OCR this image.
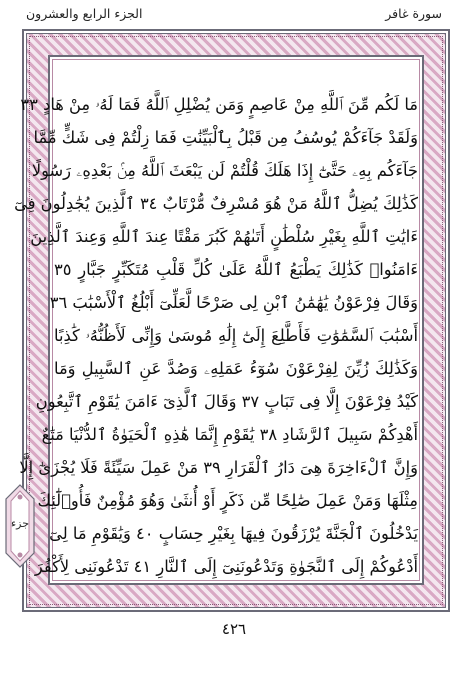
سورة غافر
الجزء الرابع والعشرون
مَا لَكُم مِّنَ ٱللَّهِ مِنْ عَاصِمٍ وَمَن يُضْلِلِ ٱللَّهُ فَمَا لَهُۥ مِنْ هَادٍ ٣٣
وَلَقَدْ جَآءَكُمْ يُوسُفُ مِن قَبْلُ بِٱلْبَيِّنَٰتِ فَمَا زِلْتُمْ فِى شَكٍّ مِّمَّا
جَآءَكُم بِهِۦ حَتَّىٰٓ إِذَا هَلَكَ قُلْتُمْ لَن يَبْعَثَ ٱللَّهُ مِنۢ بَعْدِهِۦ رَسُولًا
كَذَٰلِكَ يُضِلُّ ٱللَّهُ مَنْ هُوَ مُسْرِفٌ مُّرْتَابٌ ٣٤ ٱلَّذِينَ يُجَٰدِلُونَ فِىٓ
ءَايَٰتِ ٱللَّهِ بِغَيْرِ سُلْطَٰنٍ أَتَىٰهُمْ كَبُرَ مَقْتًا عِندَ ٱللَّهِ وَعِندَ ٱلَّذِينَ
ءَامَنُوا۟ كَذَٰلِكَ يَطْبَعُ ٱللَّهُ عَلَىٰ كُلِّ قَلْبِ مُتَكَبِّرٍ جَبَّارٍ ٣٥
وَقَالَ فِرْعَوْنُ يَٰهَٰمَٰنُ ٱبْنِ لِى صَرْحًا لَّعَلِّىٓ أَبْلُغُ ٱلْأَسْبَٰبَ ٣٦
أَسْبَٰبَ ٱلسَّمَٰوَٰتِ فَأَطَّلِعَ إِلَىٰٓ إِلَٰهِ مُوسَىٰ وَإِنِّى لَأَظُنُّهُۥ كَٰذِبًا
وَكَذَٰلِكَ زُيِّنَ لِفِرْعَوْنَ سُوٓءُ عَمَلِهِۦ وَصُدَّ عَنِ ٱلسَّبِيلِ وَمَا
كَيْدُ فِرْعَوْنَ إِلَّا فِى تَبَابٍ ٣٧ وَقَالَ ٱلَّذِىٓ ءَامَنَ يَٰقَوْمِ ٱتَّبِعُونِ
أَهْدِكُمْ سَبِيلَ ٱلرَّشَادِ ٣٨ يَٰقَوْمِ إِنَّمَا هَٰذِهِ ٱلْحَيَوٰةُ ٱلدُّنْيَا مَتَٰعٌ
وَإِنَّ ٱلْءَاخِرَةَ هِىَ دَارُ ٱلْقَرَارِ ٣٩ مَنْ عَمِلَ سَيِّئَةً فَلَا يُجْزَىٰٓ إِلَّا
مِثْلَهَا وَمَنْ عَمِلَ صَٰلِحًا مِّن ذَكَرٍ أَوْ أُنثَىٰ وَهُوَ مُؤْمِنٌ فَأُو۟لَٰٓئِكَ
يَدْخُلُونَ ٱلْجَنَّةَ يُرْزَقُونَ فِيهَا بِغَيْرِ حِسَابٍ ٤٠ وَيَٰقَوْمِ مَا لِىٓ
أَدْعُوكُمْ إِلَى ٱلنَّجَوٰةِ وَتَدْعُونَنِىٓ إِلَى ٱلنَّارِ ٤١ تَدْعُونَنِى لِأَكْفُرَ
جزء
٤٢٦
